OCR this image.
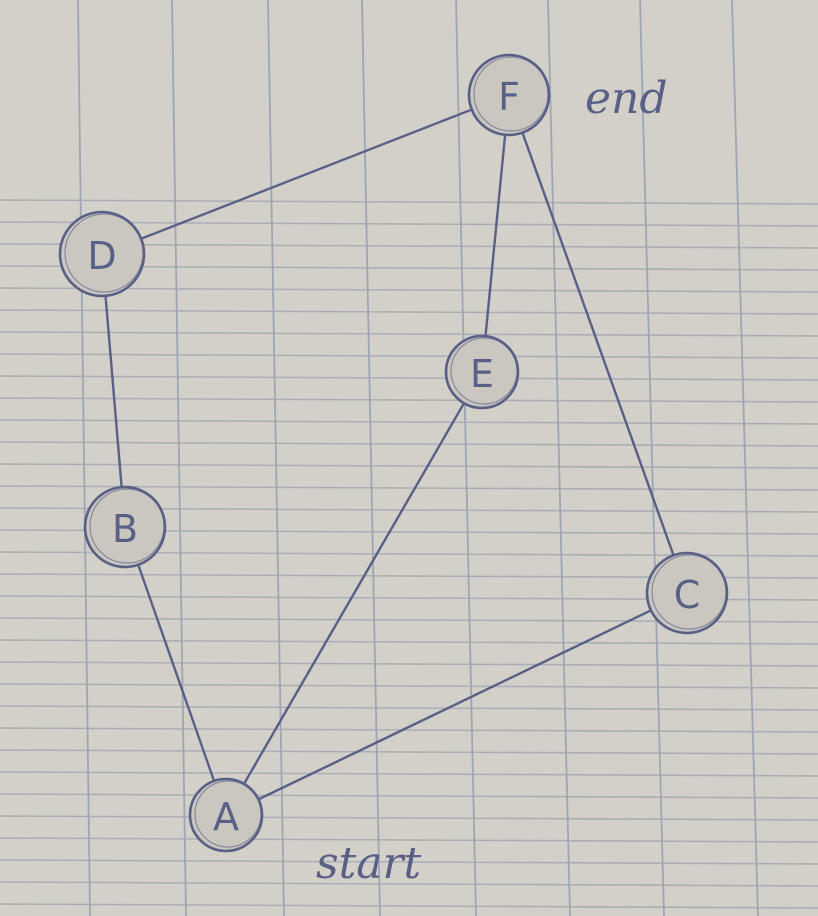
A
B
C
D
E
F end
start
